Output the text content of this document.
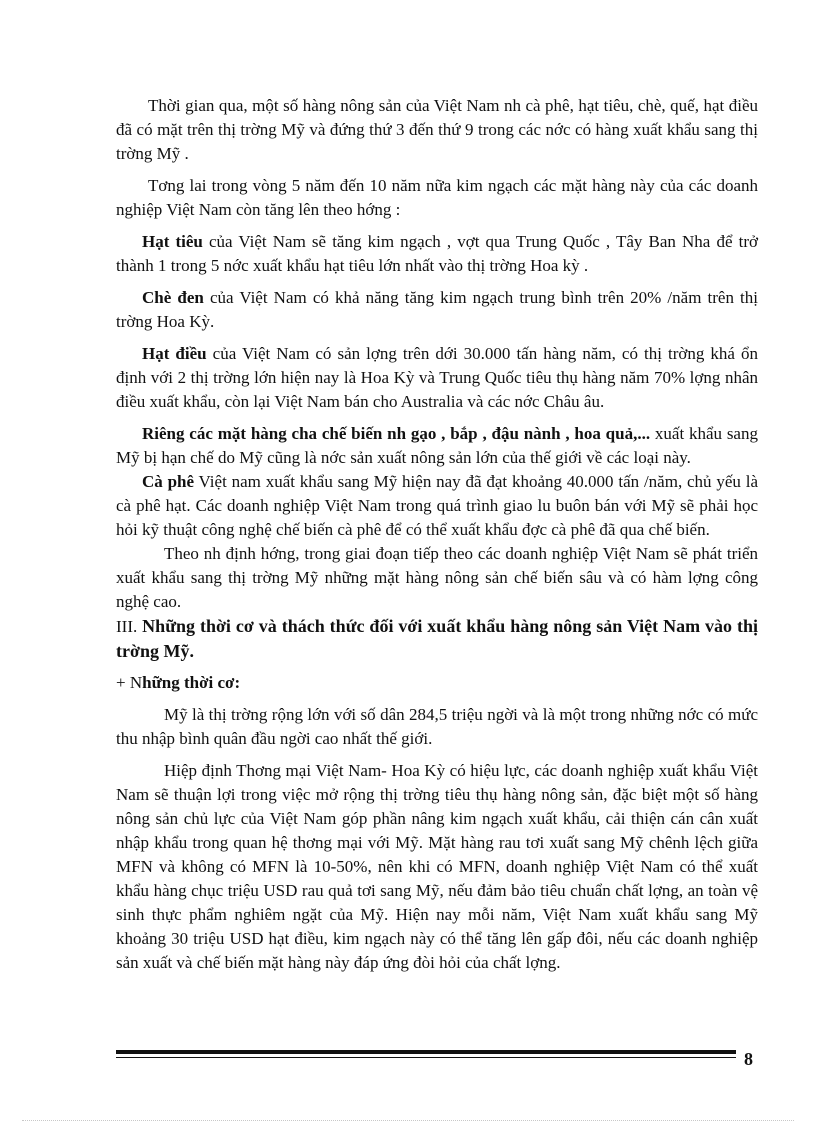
Thời gian qua, một số hàng nông sản của Việt Nam nh cà phê, hạt tiêu, chè, quế, hạt điều đã có mặt trên thị trờng Mỹ và đứng thứ 3 đến thứ 9 trong các nớc có hàng xuất khẩu sang thị trờng Mỹ .

Tơng lai trong vòng 5 năm đến 10 năm nữa kim ngạch các mặt hàng này của các doanh nghiệp Việt Nam còn tăng lên theo hớng :

Hạt tiêu của Việt Nam sẽ tăng kim ngạch , vợt qua Trung Quốc , Tây Ban Nha để trở thành 1 trong 5 nớc xuất khẩu hạt tiêu lớn nhất vào thị trờng Hoa kỳ .

Chè đen của Việt Nam có khả năng tăng kim ngạch trung bình trên 20% /năm trên thị trờng Hoa Kỳ.

Hạt điều của Việt Nam có sản lợng trên dới 30.000 tấn hàng năm, có thị trờng khá ổn định với 2 thị trờng lớn hiện nay là Hoa Kỳ và Trung Quốc tiêu thụ hàng năm 70% lợng nhân điều xuất khẩu, còn lại Việt Nam bán cho Australia và các nớc Châu âu.

Riêng các mặt hàng cha chế biến nh gạo , bắp , đậu nành , hoa quả,... xuất khẩu sang Mỹ bị hạn chế do Mỹ cũng là nớc sản xuất nông sản lớn của thế giới về các loại này.

Cà phê Việt nam xuất khẩu sang Mỹ hiện nay đã đạt khoảng 40.000 tấn /năm, chủ yếu là cà phê hạt. Các doanh nghiệp Việt Nam trong quá trình giao lu buôn bán với Mỹ sẽ phải học hỏi kỹ thuật công nghệ chế biến cà phê để có thể xuất khẩu đợc cà phê đã qua chế biến.

Theo nh định hớng, trong giai đoạn tiếp theo các doanh nghiệp Việt Nam sẽ phát triển xuất khẩu sang thị trờng Mỹ những mặt hàng nông sản chế biến sâu và có hàm lợng công nghệ cao.

III. Những thời cơ và thách thức đối với xuất khẩu hàng nông sản Việt Nam vào thị trờng Mỹ.

+ Những thời cơ:

Mỹ là thị trờng rộng lớn với số dân 284,5 triệu ngời và là một trong những nớc có mức thu nhập bình quân đầu ngời cao nhất thế giới.

Hiệp định Thơng mại Việt Nam- Hoa Kỳ có hiệu lực, các doanh nghiệp xuất khẩu Việt Nam sẽ thuận lợi trong việc mở rộng thị trờng tiêu thụ hàng nông sản, đặc biệt một số hàng nông sản chủ lực của Việt Nam góp phần nâng kim ngạch xuất khẩu, cải thiện cán cân xuất nhập khẩu trong quan hệ thơng mại với Mỹ. Mặt hàng rau tơi xuất sang Mỹ chênh lệch giữa MFN và không có MFN là 10-50%, nên khi có MFN, doanh nghiệp Việt Nam có thể xuất khẩu hàng chục triệu USD rau quả tơi sang Mỹ, nếu đảm bảo tiêu chuẩn chất lợng, an toàn vệ sinh thực phẩm nghiêm ngặt của Mỹ. Hiện nay mỗi năm, Việt Nam xuất khẩu sang Mỹ khoảng 30 triệu USD hạt điều, kim ngạch này có thể tăng lên gấp đôi, nếu các doanh nghiệp sản xuất và chế biến mặt hàng này đáp ứng đòi hỏi của chất lợng.

8
